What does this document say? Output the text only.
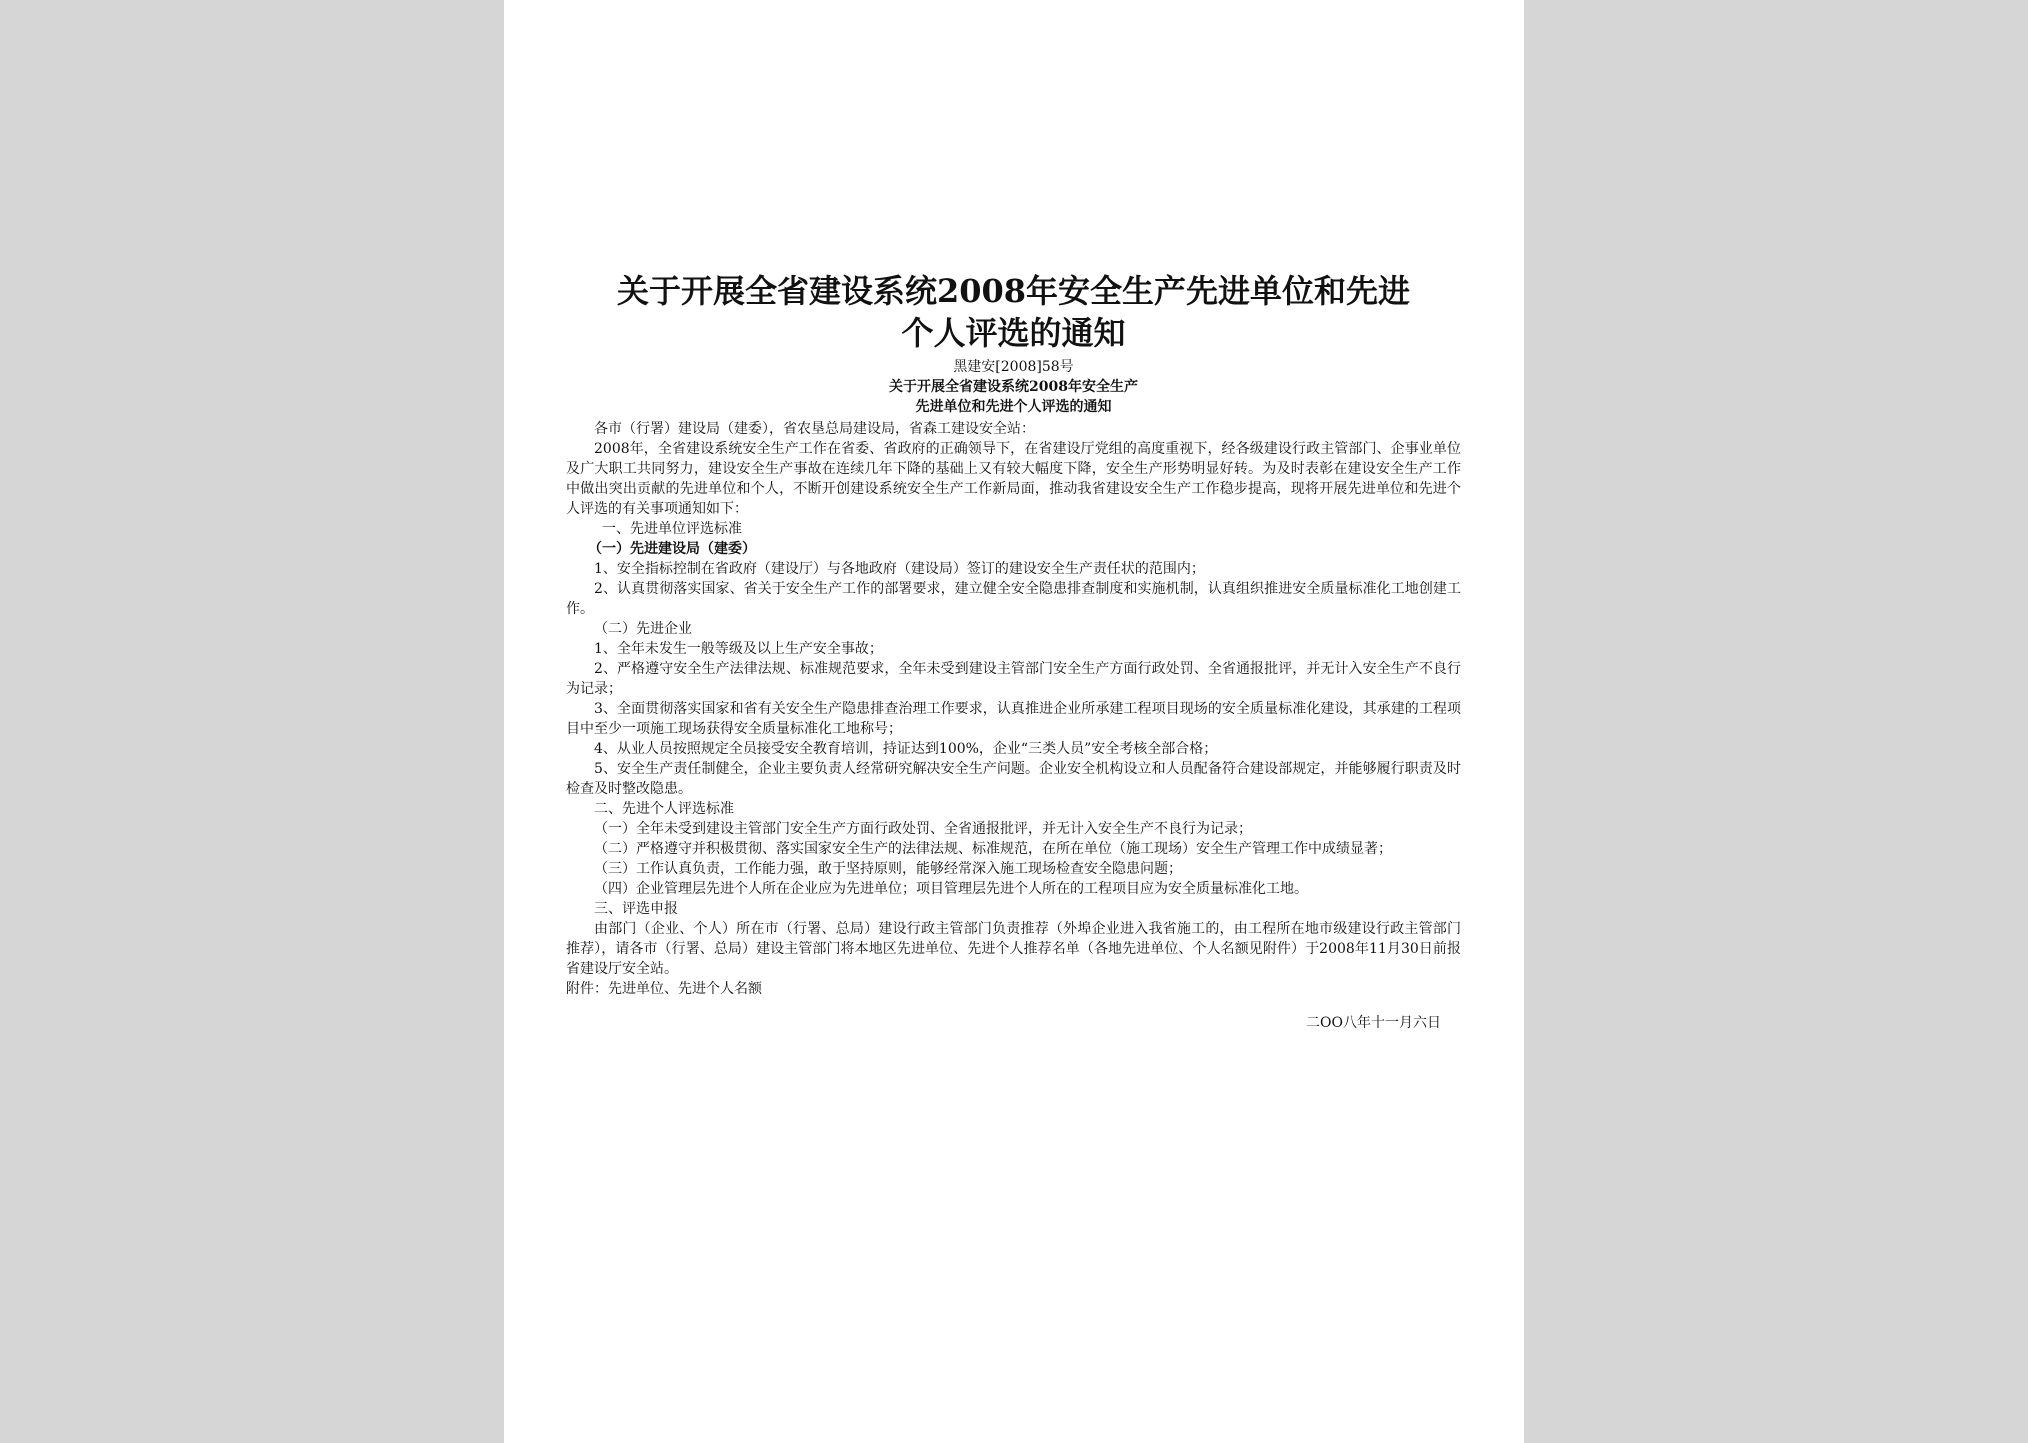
关于开展全省建设系统2008年安全生产先进单位和先进
个人评选的通知
黑建安[2008]58号
关于开展全省建设系统2008年安全生产
先进单位和先进个人评选的通知

各市（行署）建设局（建委），省农垦总局建设局，省森工建设安全站：

2008年，全省建设系统安全生产工作在省委、省政府的正确领导下，在省建设厅党组的高度重视下，经各级建设行政主管部门、企事业单位及广大职工共同努力，建设安全生产事故在连续几年下降的基础上又有较大幅度下降，安全生产形势明显好转。为及时表彰在建设安全生产工作中做出突出贡献的先进单位和个人，不断开创建设系统安全生产工作新局面，推动我省建设安全生产工作稳步提高，现将开展先进单位和先进个人评选的有关事项通知如下：

一、先进单位评选标准

（一）先进建设局（建委）

1、安全指标控制在省政府（建设厅）与各地政府（建设局）签订的建设安全生产责任状的范围内；

2、认真贯彻落实国家、省关于安全生产工作的部署要求，建立健全安全隐患排查制度和实施机制，认真组织推进安全质量标准化工地创建工作。

（二）先进企业

1、全年未发生一般等级及以上生产安全事故；

2、严格遵守安全生产法律法规、标准规范要求，全年未受到建设主管部门安全生产方面行政处罚、全省通报批评，并无计入安全生产不良行为记录；

3、全面贯彻落实国家和省有关安全生产隐患排查治理工作要求，认真推进企业所承建工程项目现场的安全质量标准化建设，其承建的工程项目中至少一项施工现场获得安全质量标准化工地称号；

4、从业人员按照规定全员接受安全教育培训，持证达到100%，企业“三类人员”安全考核全部合格；

5、安全生产责任制健全，企业主要负责人经常研究解决安全生产问题。企业安全机构设立和人员配备符合建设部规定，并能够履行职责及时检查及时整改隐患。

二、先进个人评选标准

（一）全年未受到建设主管部门安全生产方面行政处罚、全省通报批评，并无计入安全生产不良行为记录；

（二）严格遵守并积极贯彻、落实国家安全生产的法律法规、标准规范，在所在单位（施工现场）安全生产管理工作中成绩显著；

（三）工作认真负责，工作能力强，敢于坚持原则，能够经常深入施工现场检查安全隐患问题；

（四）企业管理层先进个人所在企业应为先进单位；项目管理层先进个人所在的工程项目应为安全质量标准化工地。

三、评选申报

由部门（企业、个人）所在市（行署、总局）建设行政主管部门负责推荐（外埠企业进入我省施工的，由工程所在地市级建设行政主管部门推荐），请各市（行署、总局）建设主管部门将本地区先进单位、先进个人推荐名单（各地先进单位、个人名额见附件）于2008年11月30日前报省建设厅安全站。

附件：先进单位、先进个人名额

二OO八年十一月六日
